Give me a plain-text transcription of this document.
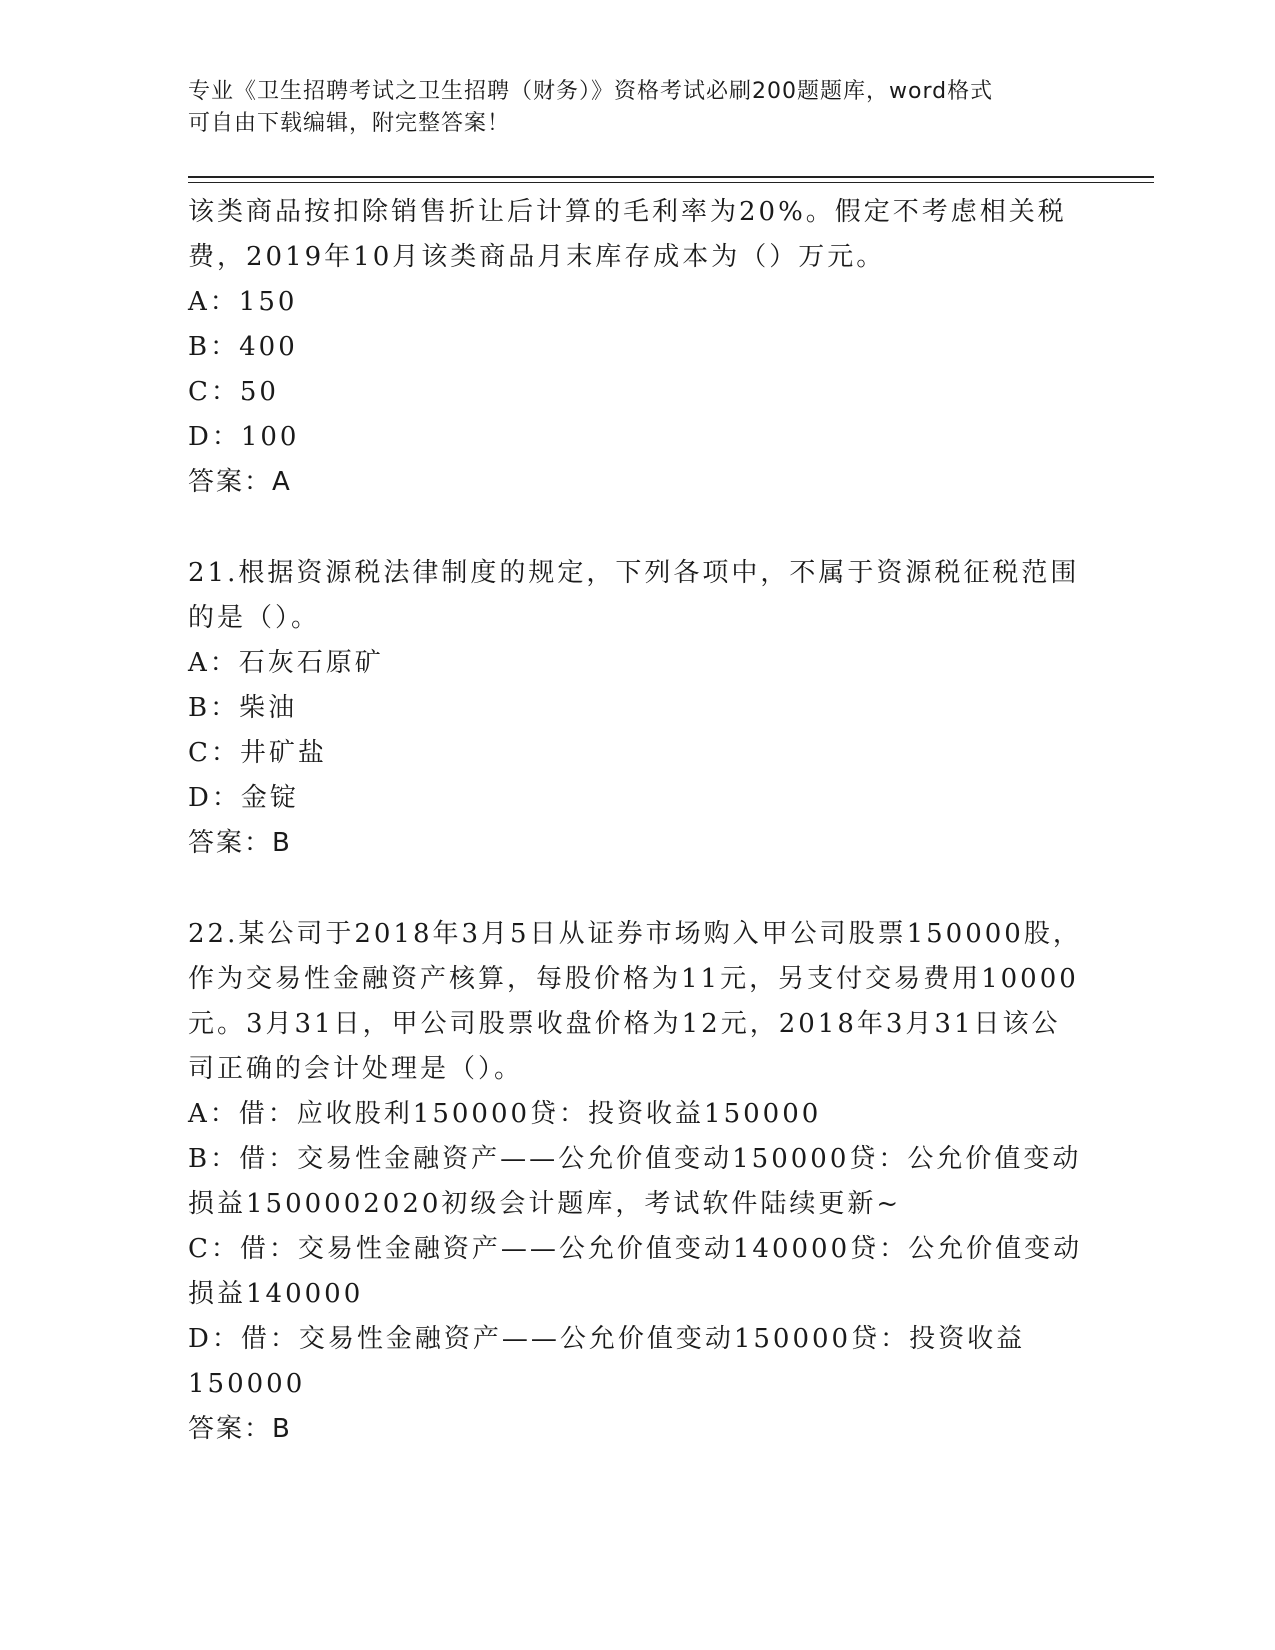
专业《卫生招聘考试之卫生招聘（财务）》资格考试必刷200题题库，word格式
可自由下载编辑，附完整答案！
该类商品按扣除销售折让后计算的毛利率为20%。假定不考虑相关税
费，2019年10月该类商品月末库存成本为（）万元。
A：150
B：400
C：50
D：100
答案：A
21.根据资源税法律制度的规定，下列各项中，不属于资源税征税范围
的是（）。
A：石灰石原矿
B：柴油
C：井矿盐
D：金锭
答案：B
22.某公司于2018年3月5日从证券市场购入甲公司股票150000股，
作为交易性金融资产核算，每股价格为11元，另支付交易费用10000
元。3月31日，甲公司股票收盘价格为12元，2018年3月31日该公
司正确的会计处理是（）。
A：借：应收股利150000贷：投资收益150000
B：借：交易性金融资产——公允价值变动150000贷：公允价值变动
损益1500002020初级会计题库，考试软件陆续更新~
C：借：交易性金融资产——公允价值变动140000贷：公允价值变动
损益140000
D：借：交易性金融资产——公允价值变动150000贷：投资收益
150000
答案：B
